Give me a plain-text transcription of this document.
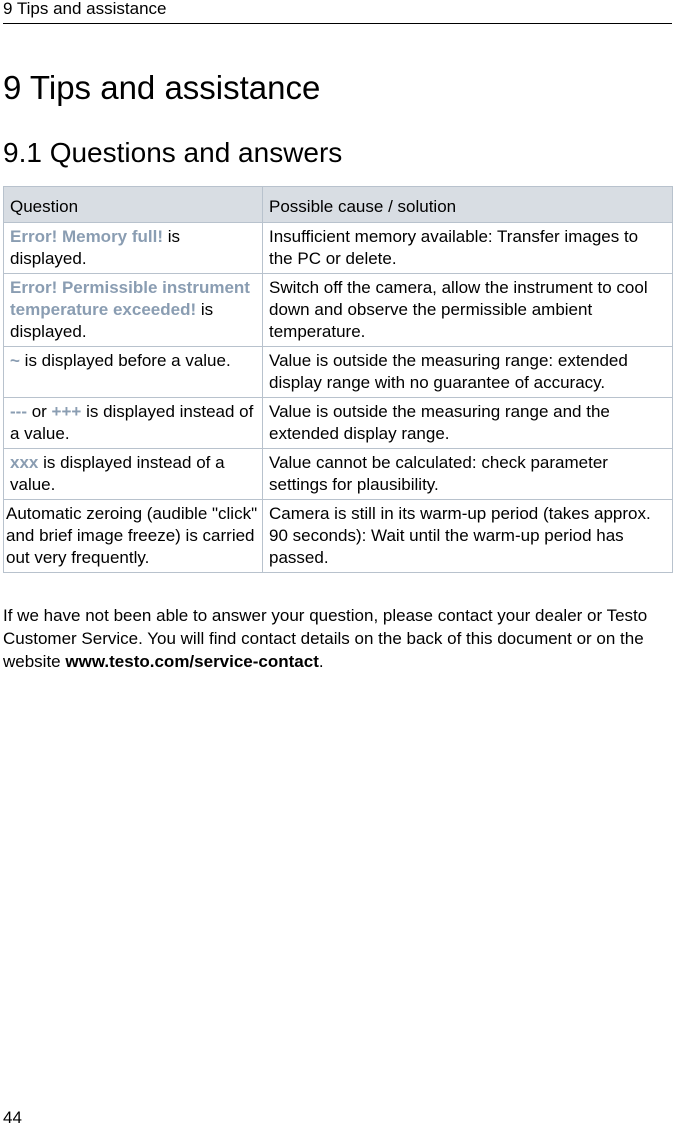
9 Tips and assistance
9 Tips and assistance
9.1 Questions and answers
Question	Possible cause / solution
Error! Memory full! is displayed.	Insufficient memory available: Transfer images to the PC or delete.
Error! Permissible instrument temperature exceeded! is displayed.	Switch off the camera, allow the instrument to cool down and observe the permissible ambient temperature.
~ is displayed before a value.	Value is outside the measuring range: extended display range with no guarantee of accuracy.
--- or +++ is displayed instead of a value.	Value is outside the measuring range and the extended display range.
xxx is displayed instead of a value.	Value cannot be calculated: check parameter settings for plausibility.
Automatic zeroing (audible "click" and brief image freeze) is carried out very frequently.	Camera is still in its warm-up period (takes approx. 90 seconds): Wait until the warm-up period has passed.

If we have not been able to answer your question, please contact your dealer or Testo Customer Service. You will find contact details on the back of this document or on the website www.testo.com/service-contact.

44
